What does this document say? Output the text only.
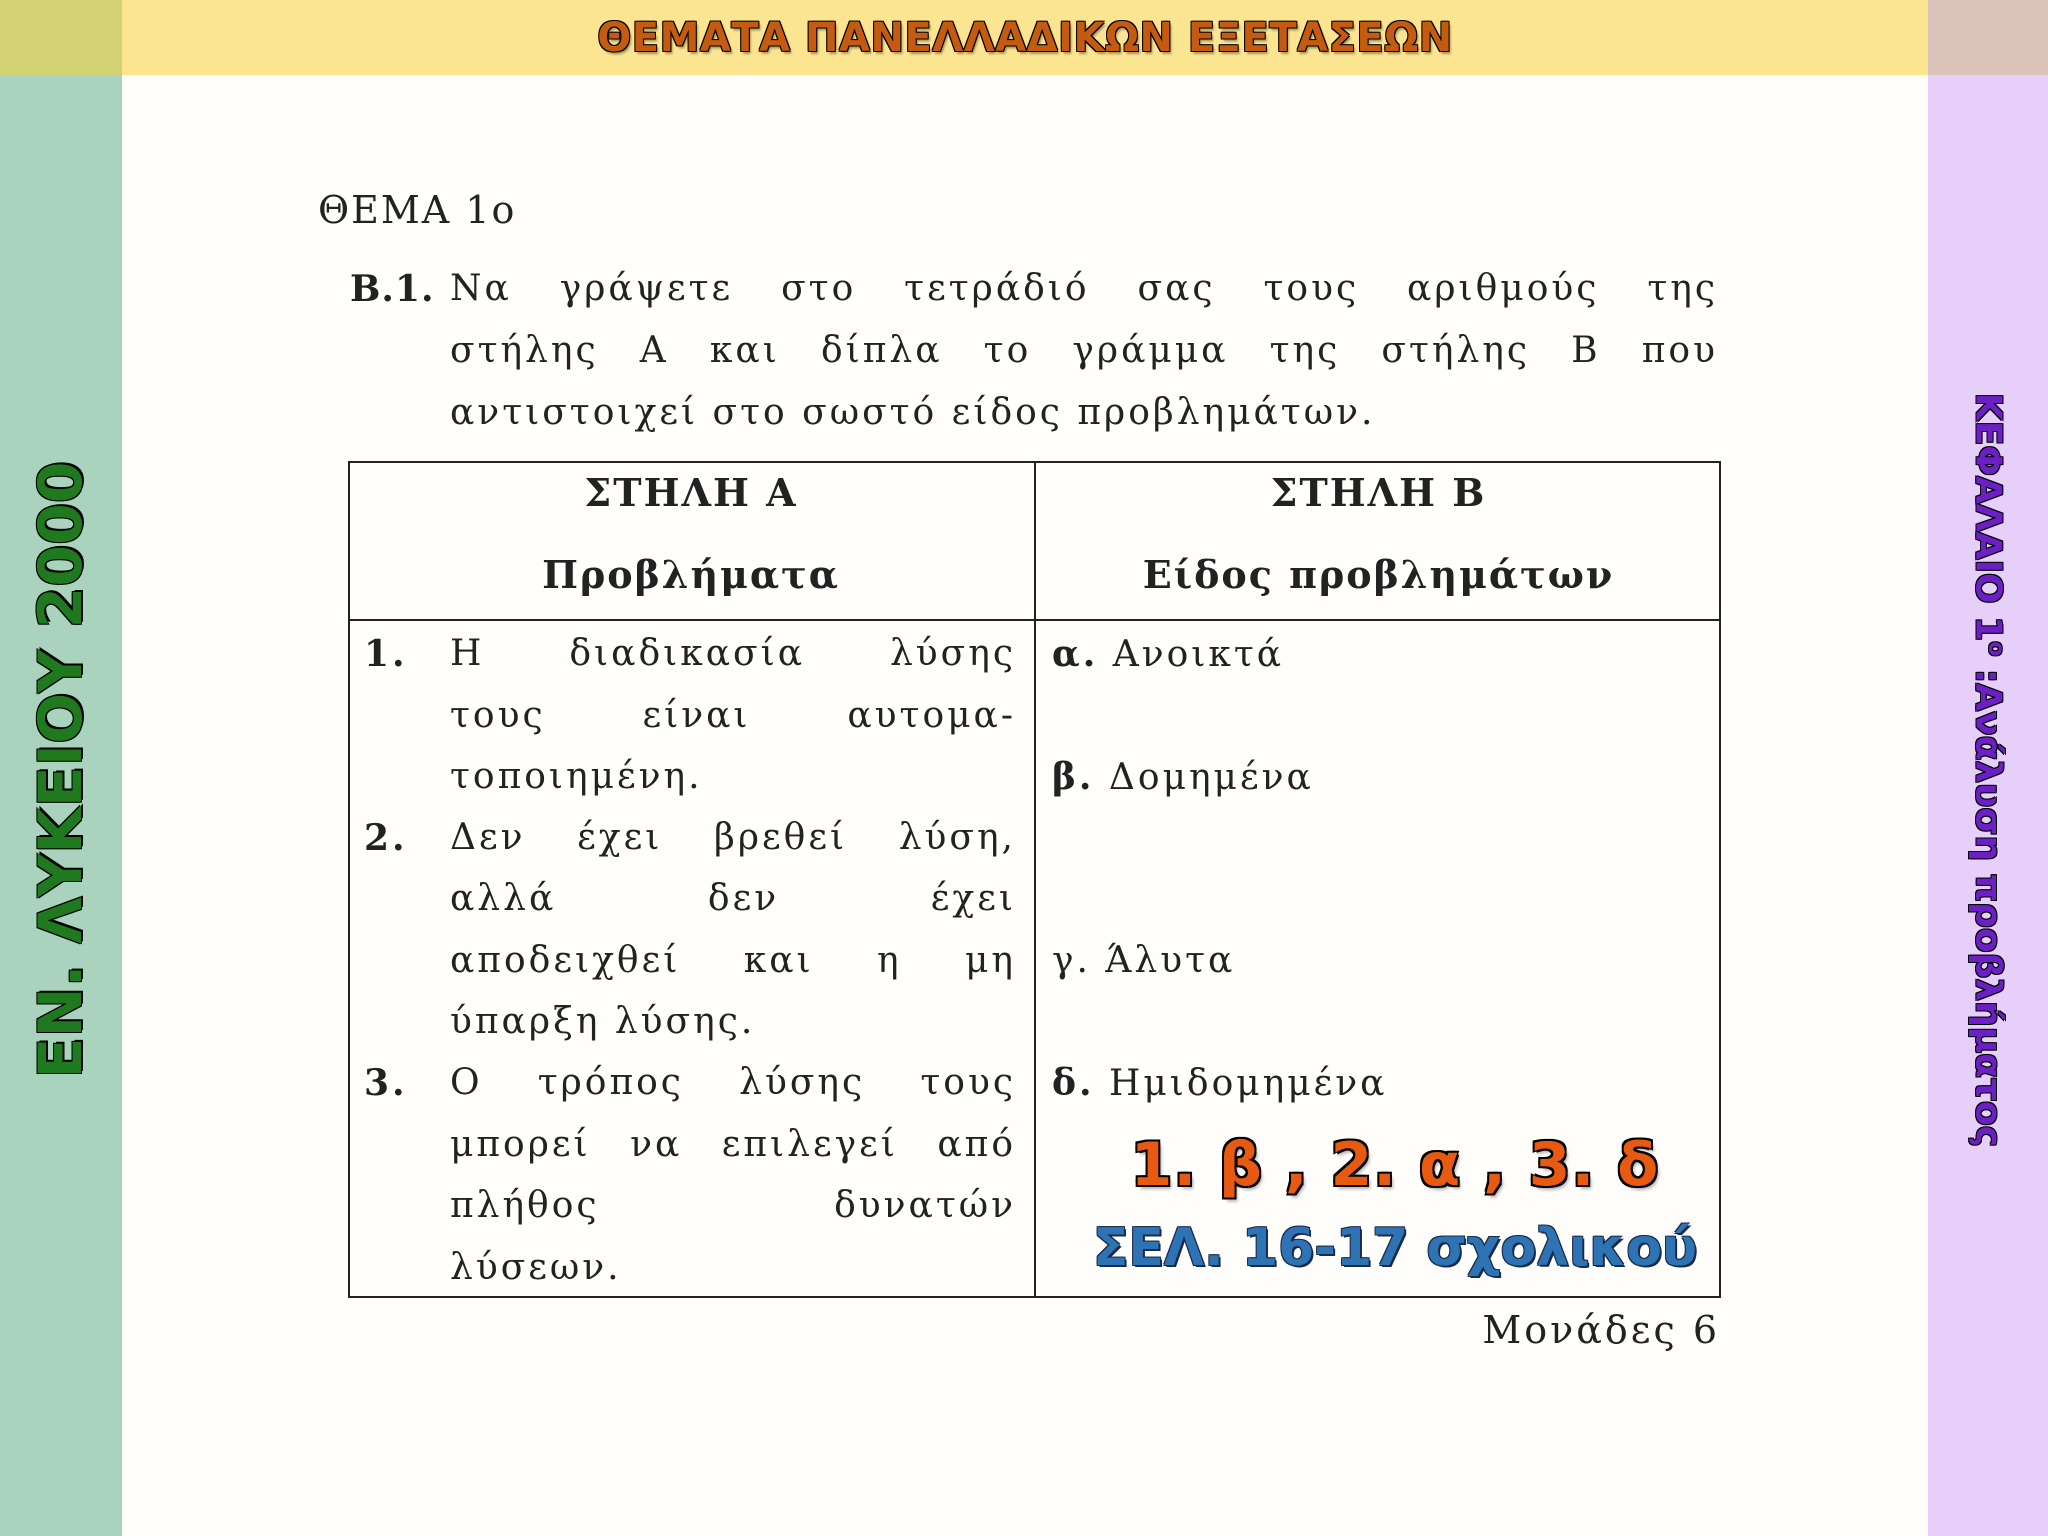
ΘΕΜΑΤΑ ΠΑΝΕΛΛΑΔΙΚΩΝ ΕΞΕΤΑΣΕΩΝ
ΕΝ. ΛΥΚΕΙΟΥ 2000	ΚΕΦΑΛΑΙΟ $1^o$ :Ανάλυση προβλήματος
ΘΕΜΑ 1ο
Β.1. Να γράψετε στο τετράδιό σας τους αριθμούς της
στήλης Α και δίπλα το γράμμα της στήλης Β που
αντιστοιχεί στο σωστό είδος προβλημάτων.
ΣΤΗΛΗ Α
Προβλήματα
ΣΤΗΛΗ Β
Είδος προβλημάτων
1. Η διαδικασία λύσης
τους είναι αυτομα-
τοποιημένη.
2. Δεν έχει βρεθεί λύση,
αλλά δεν έχει
αποδειχθεί και η μη
ύπαρξη λύσης.
3. Ο τρόπος λύσης τους
μπορεί να επιλεγεί από
πλήθος δυνατών
λύσεων.
α. Ανοικτά
β. Δομημένα
γ. Άλυτα
δ. Ημιδομημένα
Μονάδες 6
1. β , 2. α , 3. δ
ΣΕΛ. 16-17 σχολικού
